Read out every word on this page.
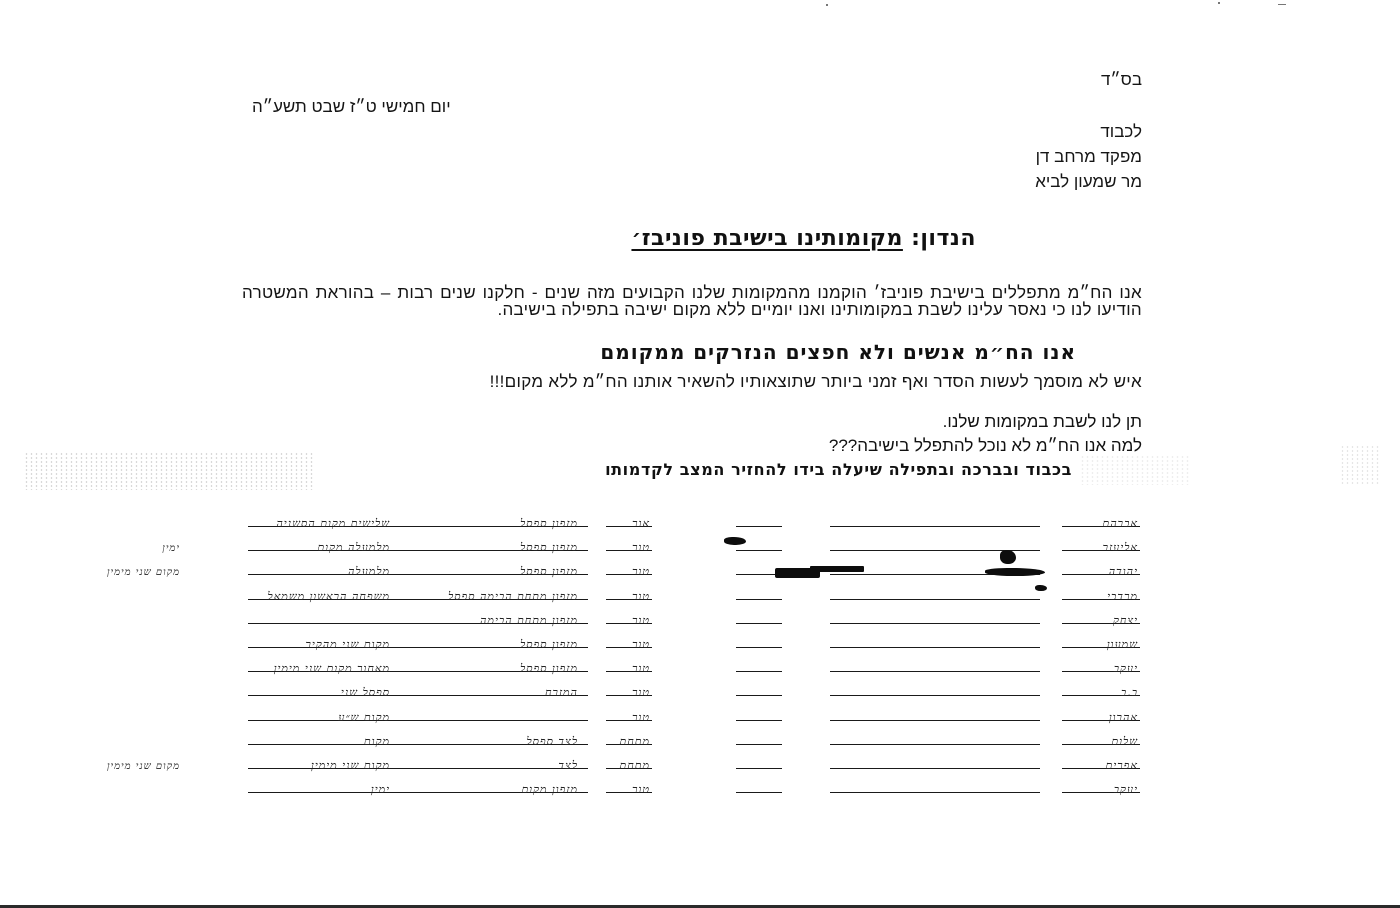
בס״ד
יום חמישי ט״ז שבט תשע״ה
לכבוד
מפקד מרחב דן
מר שמעון לביא
הנדון: מקומותינו בישיבת פוניבז׳
אנו הח״מ מתפללים בישיבת פוניבז׳ הוקמנו מהמקומות שלנו הקבועים מזה שנים - חלקנו שנים רבות – בהוראת המשטרה הודיעו לנו כי נאסר עלינו לשבת במקומותינו ואנו יומיים ללא מקום ישיבה בתפילה בישיבה.
אנו הח״מ אנשים ולא חפצים הנזרקים ממקומם
איש לא מוסמך לעשות הסדר ואף זמני ביותר שתוצאותיו להשאיר אותנו הח״מ ללא מקום!!!
תן לנו לשבת במקומות שלנו.
למה אנו הח״מ לא נוכל להתפלל בישיבה???
בכבוד ובברכה ובתפילה שיעלה בידו להחזיר המצב לקדמותו
אברהם
אור
מזפון ספסל
שלישית מקום הסשניה
אליעזר
טור
מזפון ספסל
מלמעלה מקום
ימין
יהודה
טור
מזפון ספסל
מלמעלה
מקום שני מימין
מרדכי
טור
מזפון מתחת הבימה ספסל
משפחה הראשון משמאל
יצחק
טור
מזפון מתחת הבימה
שמעון
טור
מזפון ספסל
מקום שני מהקיר
יעקב
טור
מזפון ספסל
מאחור מקום שני מימין
ב.ב
טור
המזרח
ספסל שני
אהרון
טור
מקום ש״ע
שלום
מתחת
לצד ספסל
מקום
אפרים
מתחת
לצד
מקום שני מימין
מקום שני מימין
יעקב
טור
מזפון מקום
ימין
